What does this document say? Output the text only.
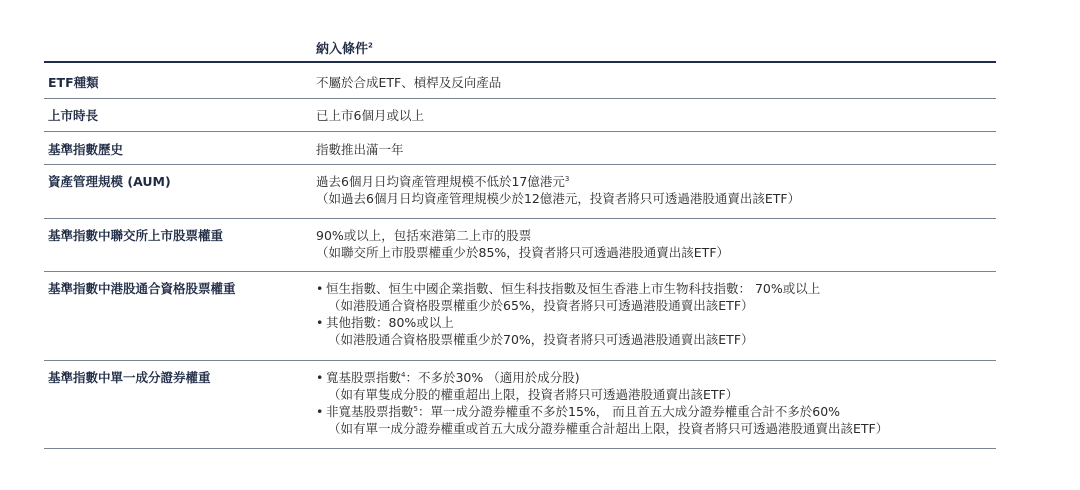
納入條件$^2$
ETF種類	不屬於合成ETF、槓桿及反向產品
上市時長	已上市6個月或以上
基準指數歷史	指數推出滿一年
資產管理規模 (AUM)	過去6個月日均資產管理規模不低於17億港元$^3$
（如過去6個月日均資產管理規模少於12億港元，投資者將只可透過港股通賣出該ETF）
基準指數中聯交所上市股票權重	90%或以上，包括來港第二上市的股票
（如聯交所上市股票權重少於85%，投資者將只可透過港股通賣出該ETF）
基準指數中港股通合資格股票權重	• 恒生指數、恒生中國企業指數、恒生科技指數及恒生香港上市生物科技指數： 70%或以上
（如港股通合資格股票權重少於65%，投資者將只可透過港股通賣出該ETF）
• 其他指數：80%或以上
（如港股通合資格股票權重少於70%，投資者將只可透過港股通賣出該ETF）
基準指數中單一成分證券權重	• 寬基股票指數$^4$：不多於30% （適用於成分股)
（如有單隻成分股的權重超出上限，投資者將只可透過港股通賣出該ETF）
• 非寬基股票指數$^5$：單一成分證券權重不多於15%， 而且首五大成分證券權重合計不多於60%
（如有單一成分證券權重或首五大成分證券權重合計超出上限，投資者將只可透過港股通賣出該ETF）
